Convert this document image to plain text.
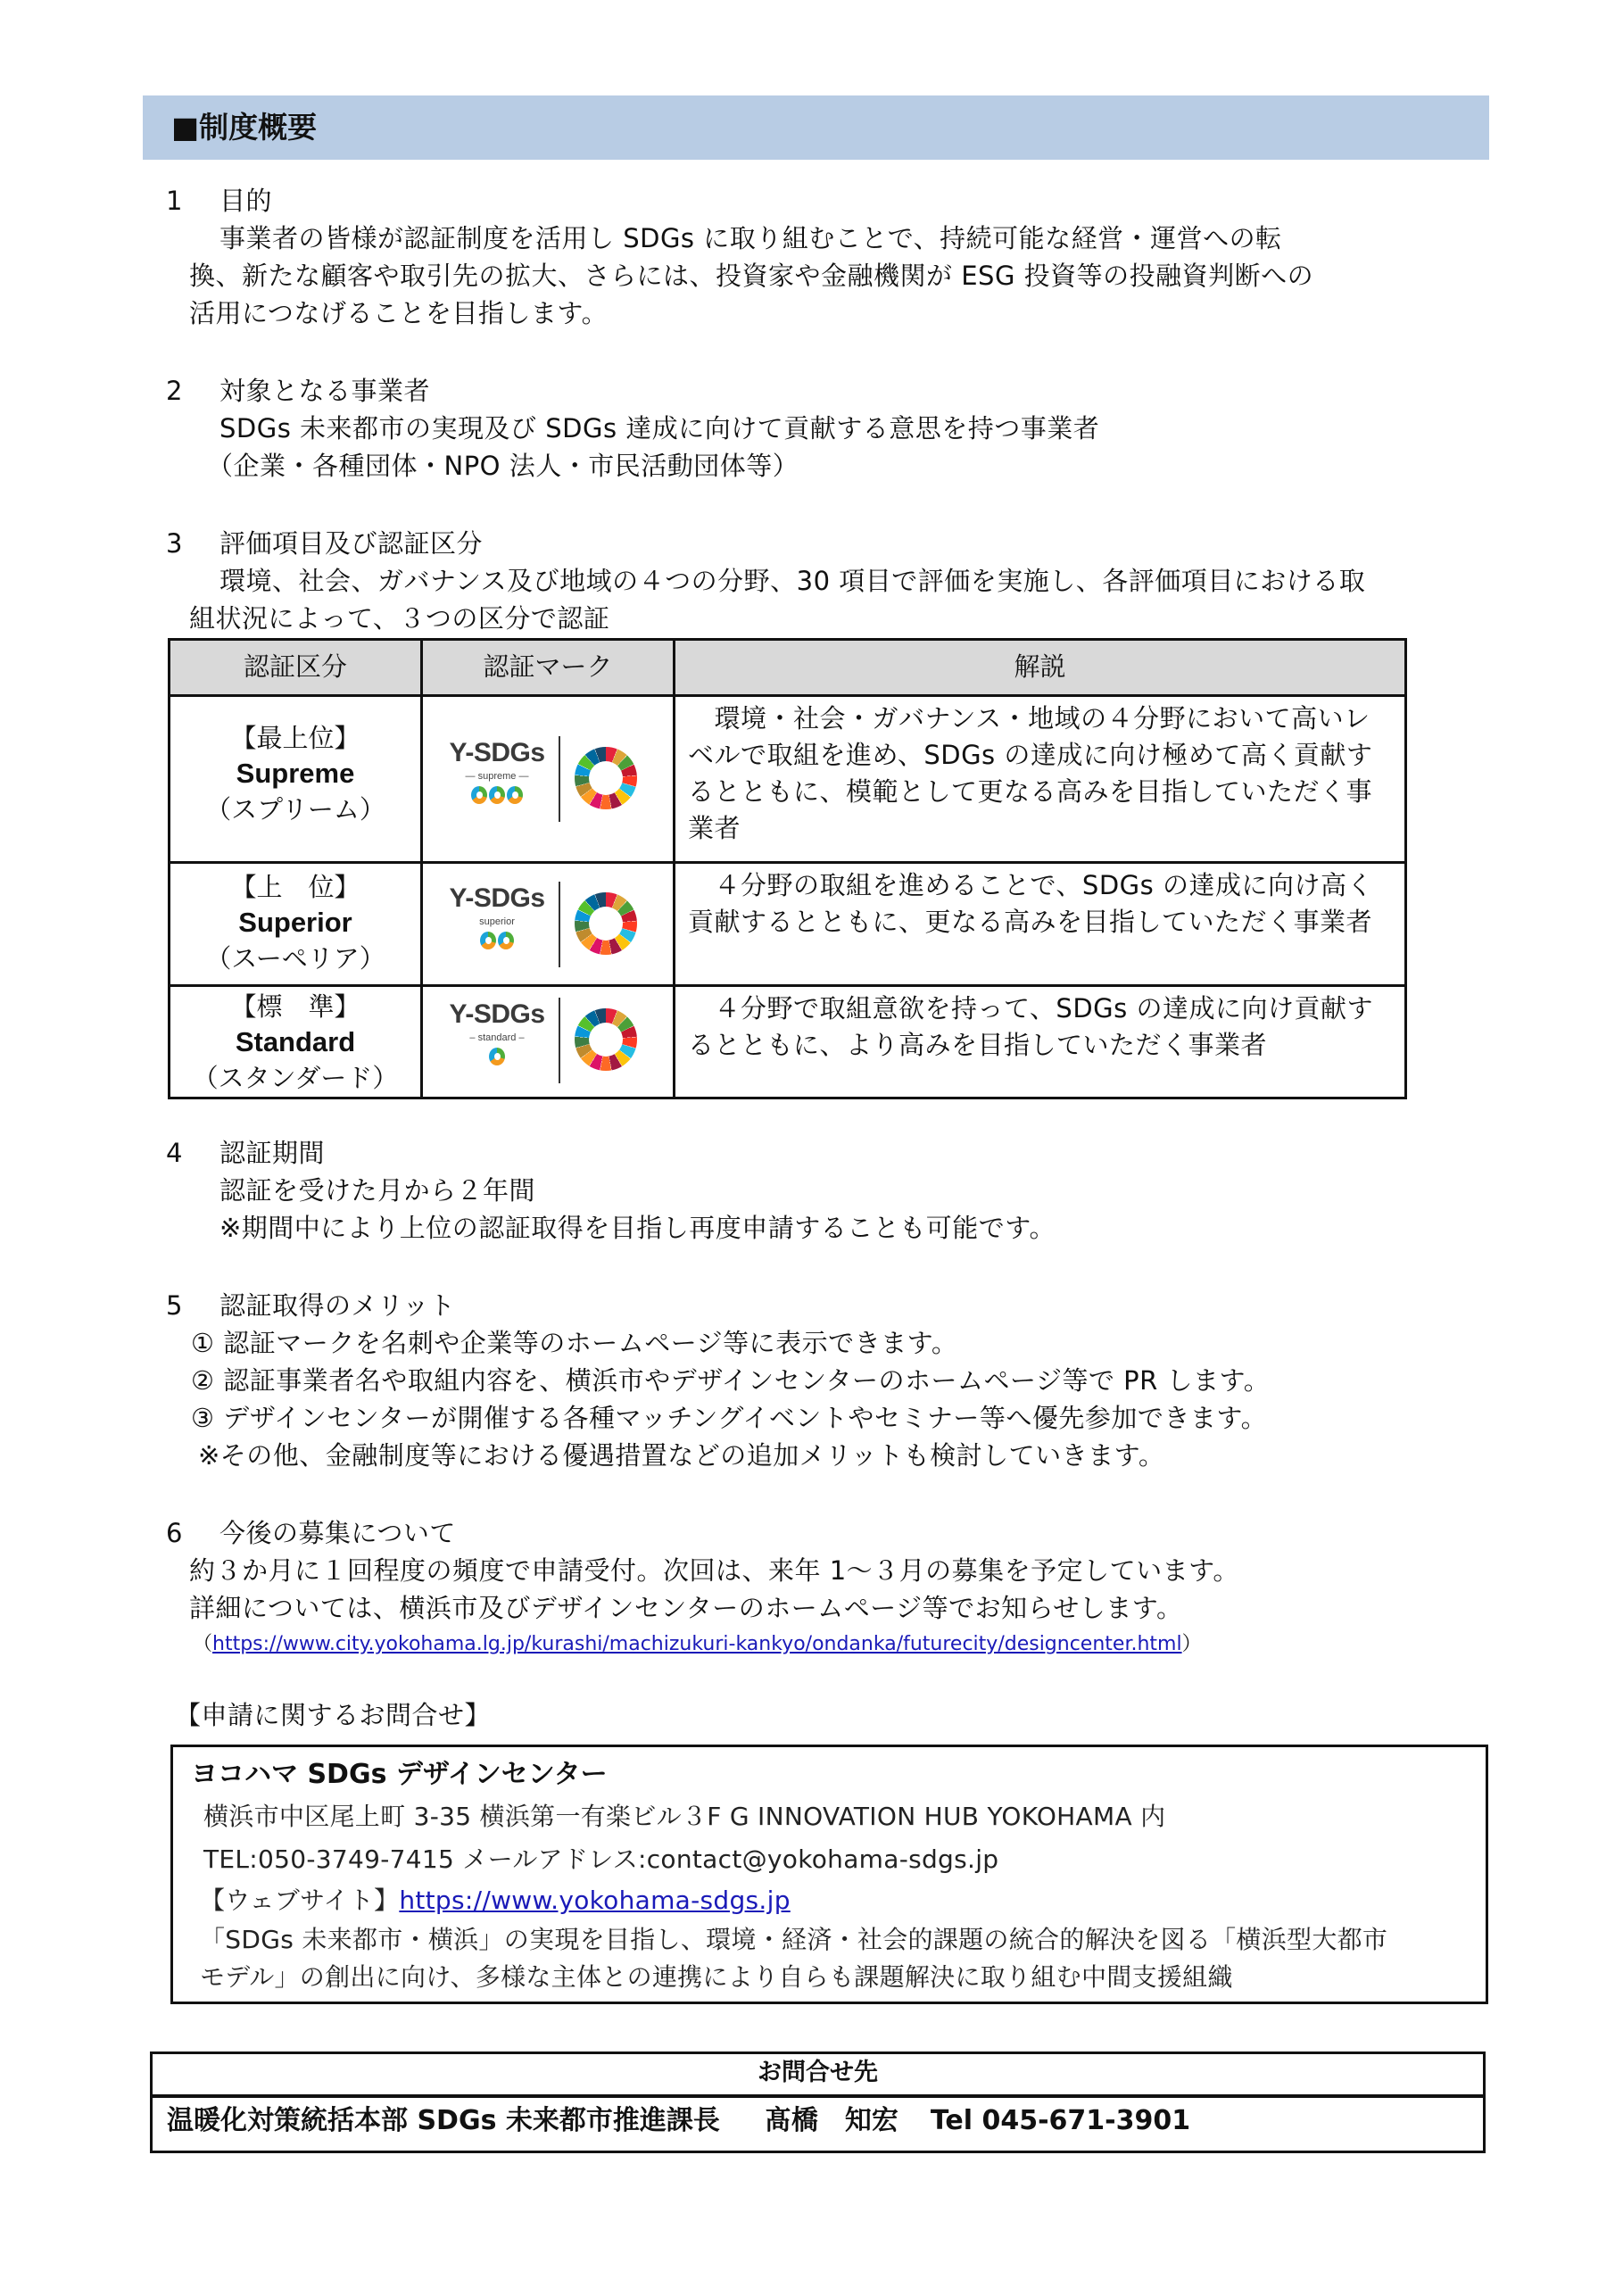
■制度概要
1 目的
事業者の皆様が認証制度を活用し SDGs に取り組むことで、持続可能な経営・運営への転
換、新たな顧客や取引先の拡大、さらには、投資家や金融機関が ESG 投資等の投融資判断への
活用につなげることを目指します。
2 対象となる事業者
SDGs 未来都市の実現及び SDGs 達成に向けて貢献する意思を持つ事業者
（企業・各種団体・NPO 法人・市民活動団体等）
3 評価項目及び認証区分
環境、社会、ガバナンス及び地域の４つの分野、30 項目で評価を実施し、各評価項目における取
組状況によって、３つの区分で認証
認証区分	認証マーク	解説
【最上位】
Supreme
（スプリーム）
Y-SDGs
— supreme —
　環境・社会・ガバナンス・地域の４分野において高いレベルで取組を進め、SDGs の達成に向け極めて高く貢献するとともに、模範として更なる高みを目指していただく事業者
【上　位】
Superior
（スーペリア）
Y-SDGs
superior
　４分野の取組を進めることで、SDGs の達成に向け高く貢献するとともに、更なる高みを目指していただく事業者
【標　準】
Standard
（スタンダード）
Y-SDGs
– standard –
　４分野で取組意欲を持って、SDGs の達成に向け貢献するとともに、より高みを目指していただく事業者
4 認証期間
認証を受けた月から２年間
※期間中により上位の認証取得を目指し再度申請することも可能です。
5 認証取得のメリット
① 認証マークを名刺や企業等のホームページ等に表示できます。
② 認証事業者名や取組内容を、横浜市やデザインセンターのホームページ等で PR します。
③ デザインセンターが開催する各種マッチングイベントやセミナー等へ優先参加できます。
※その他、金融制度等における優遇措置などの追加メリットも検討していきます。
6 今後の募集について
約３か月に１回程度の頻度で申請受付。次回は、来年 1～３月の募集を予定しています。
詳細については、横浜市及びデザインセンターのホームページ等でお知らせします。
（https://www.city.yokohama.lg.jp/kurashi/machizukuri-kankyo/ondanka/futurecity/designcenter.html）
【申請に関するお問合せ】
ヨコハマ SDGs デザインセンター
横浜市中区尾上町 3-35 横浜第一有楽ビル３F G INNOVATION HUB YOKOHAMA 内
TEL:050-3749-7415 メールアドレス:contact@yokohama-sdgs.jp
【ウェブサイト】https://www.yokohama-sdgs.jp
「SDGs 未来都市・横浜」の実現を目指し、環境・経済・社会的課題の統合的解決を図る「横浜型大都市
モデル」の創出に向け、多様な主体との連携により自らも課題解決に取り組む中間支援組織
お問合せ先
温暖化対策統括本部 SDGs 未来都市推進課長 髙橋　知宏 Tel 045-671-3901
